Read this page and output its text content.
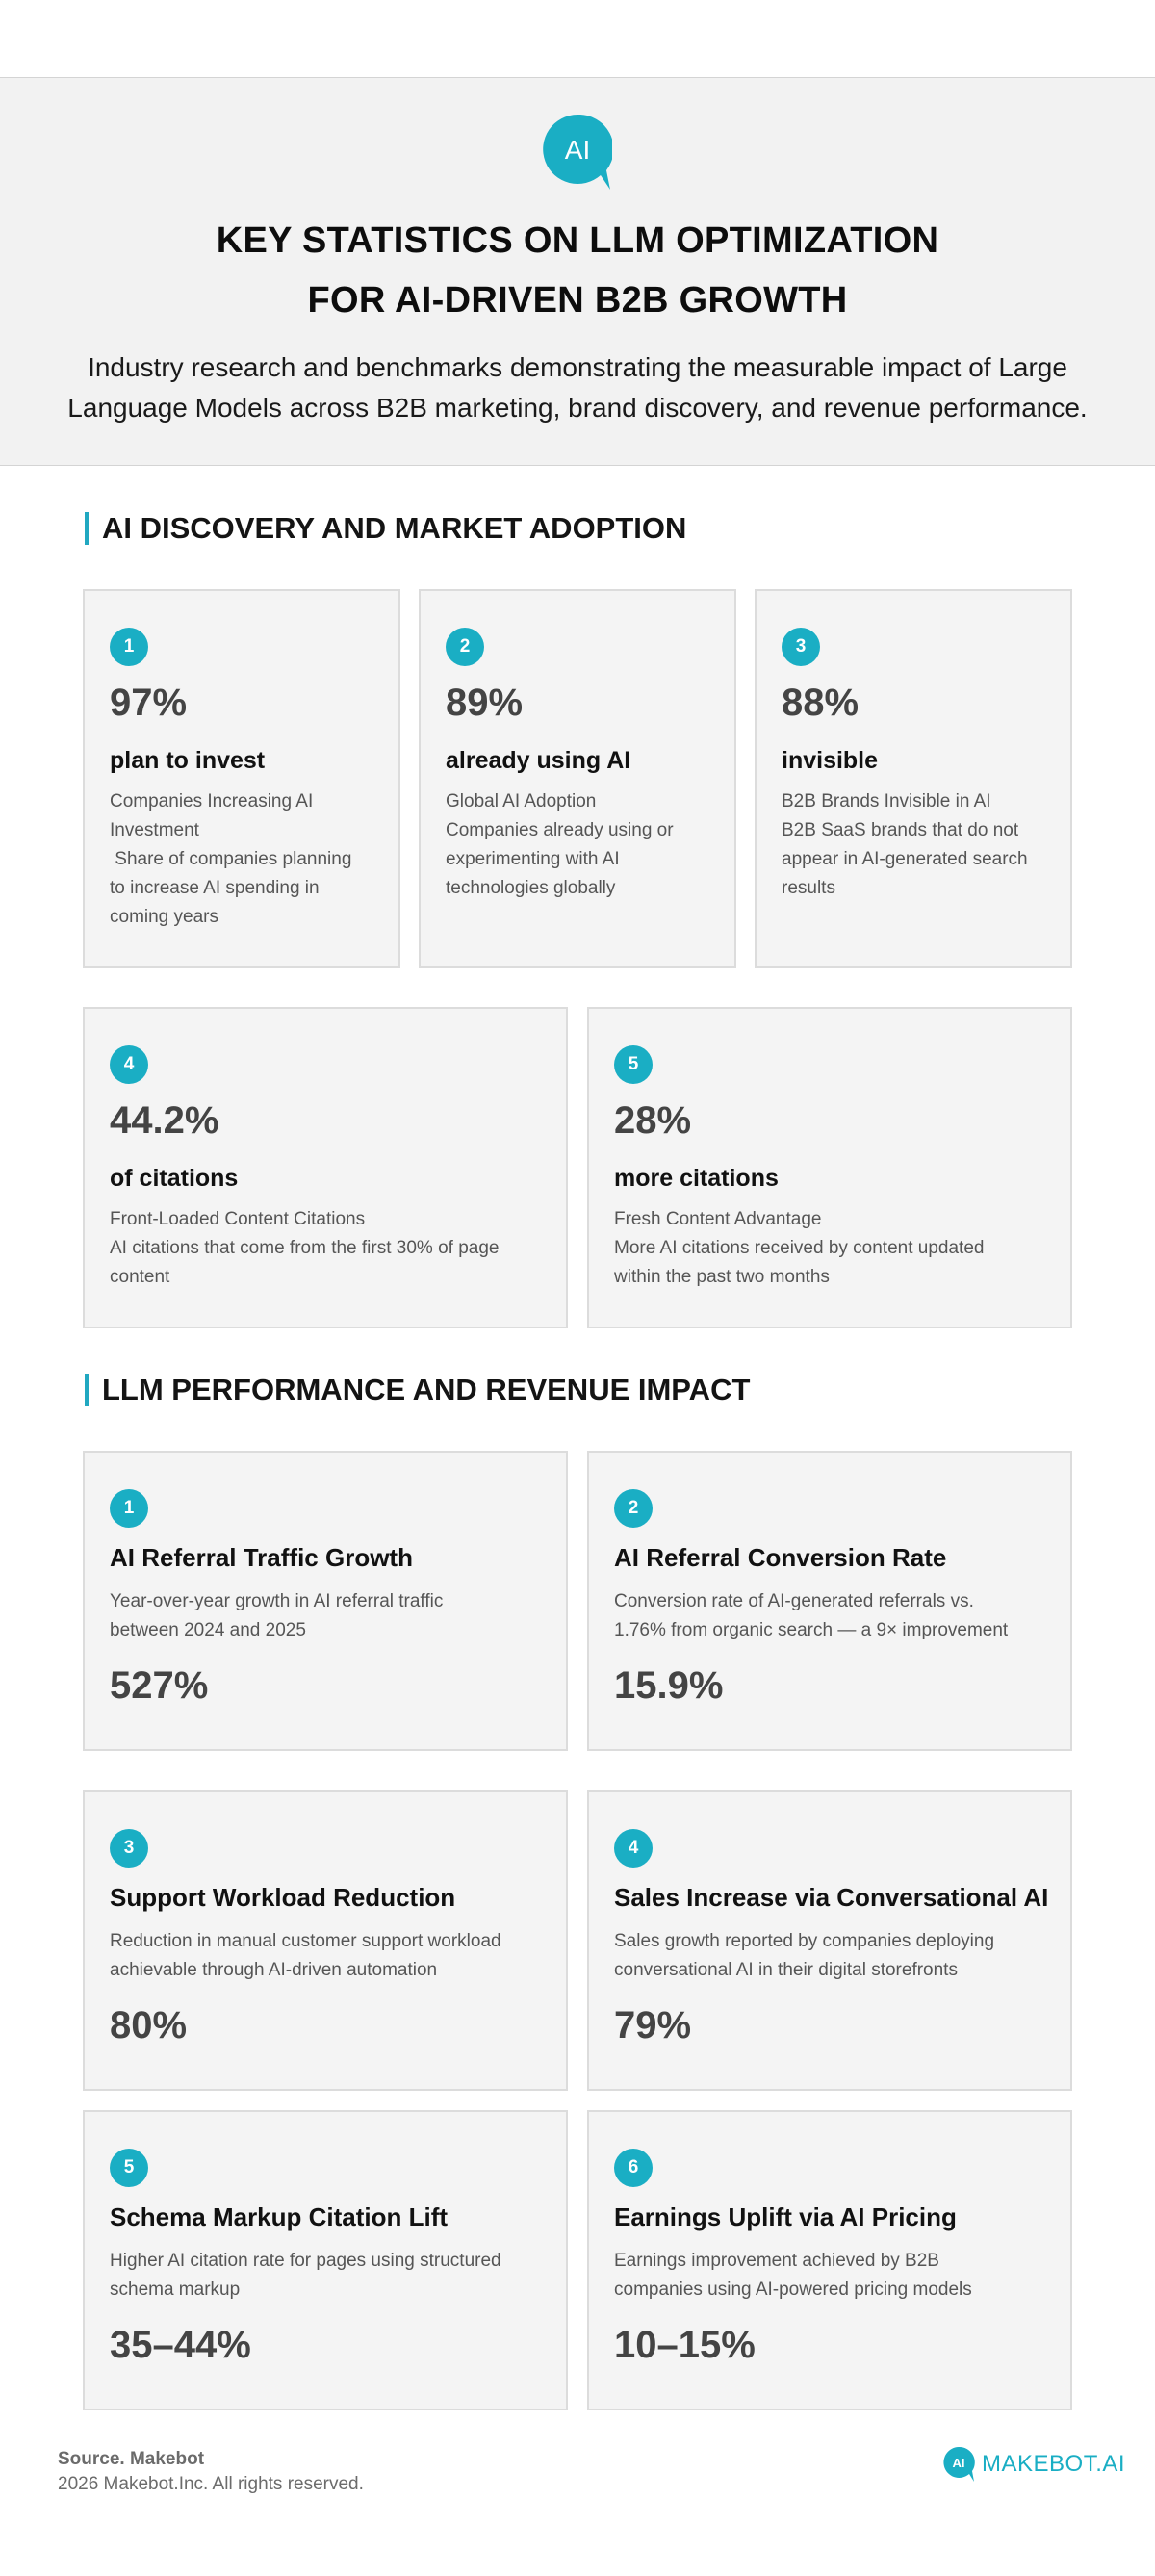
AI
KEY STATISTICS ON LLM OPTIMIZATION
FOR AI-DRIVEN B2B GROWTH

Industry research and benchmarks demonstrating the measurable impact of Large
Language Models across B2B marketing, brand discovery, and revenue performance.

AI DISCOVERY AND MARKET ADOPTION
1
97%
plan to invest
Companies Increasing AI
Investment
Share of companies planning
to increase AI spending in
coming years
2
89%
already using AI
Global AI Adoption
Companies already using or
experimenting with AI
technologies globally
3
88%
invisible
B2B Brands Invisible in AI
B2B SaaS brands that do not
appear in AI-generated search
results
4
44.2%
of citations
Front-Loaded Content Citations
AI citations that come from the first 30% of page
content
5
28%
more citations
Fresh Content Advantage
More AI citations received by content updated
within the past two months
LLM PERFORMANCE AND REVENUE IMPACT
1
AI Referral Traffic Growth
Year-over-year growth in AI referral traffic
between 2024 and 2025
527%
2
AI Referral Conversion Rate
Conversion rate of AI-generated referrals vs.
1.76% from organic search — a 9× improvement
15.9%
3
Support Workload Reduction
Reduction in manual customer support workload
achievable through AI-driven automation
80%
4
Sales Increase via Conversational AI
Sales growth reported by companies deploying
conversational AI in their digital storefronts
79%
5
Schema Markup Citation Lift
Higher AI citation rate for pages using structured
schema markup
35–44%
6
Earnings Uplift via AI Pricing
Earnings improvement achieved by B2B
companies using AI-powered pricing models
10–15%
Source. Makebot
2026 Makebot.Inc. All rights reserved.
AI MAKEBOT.AI
